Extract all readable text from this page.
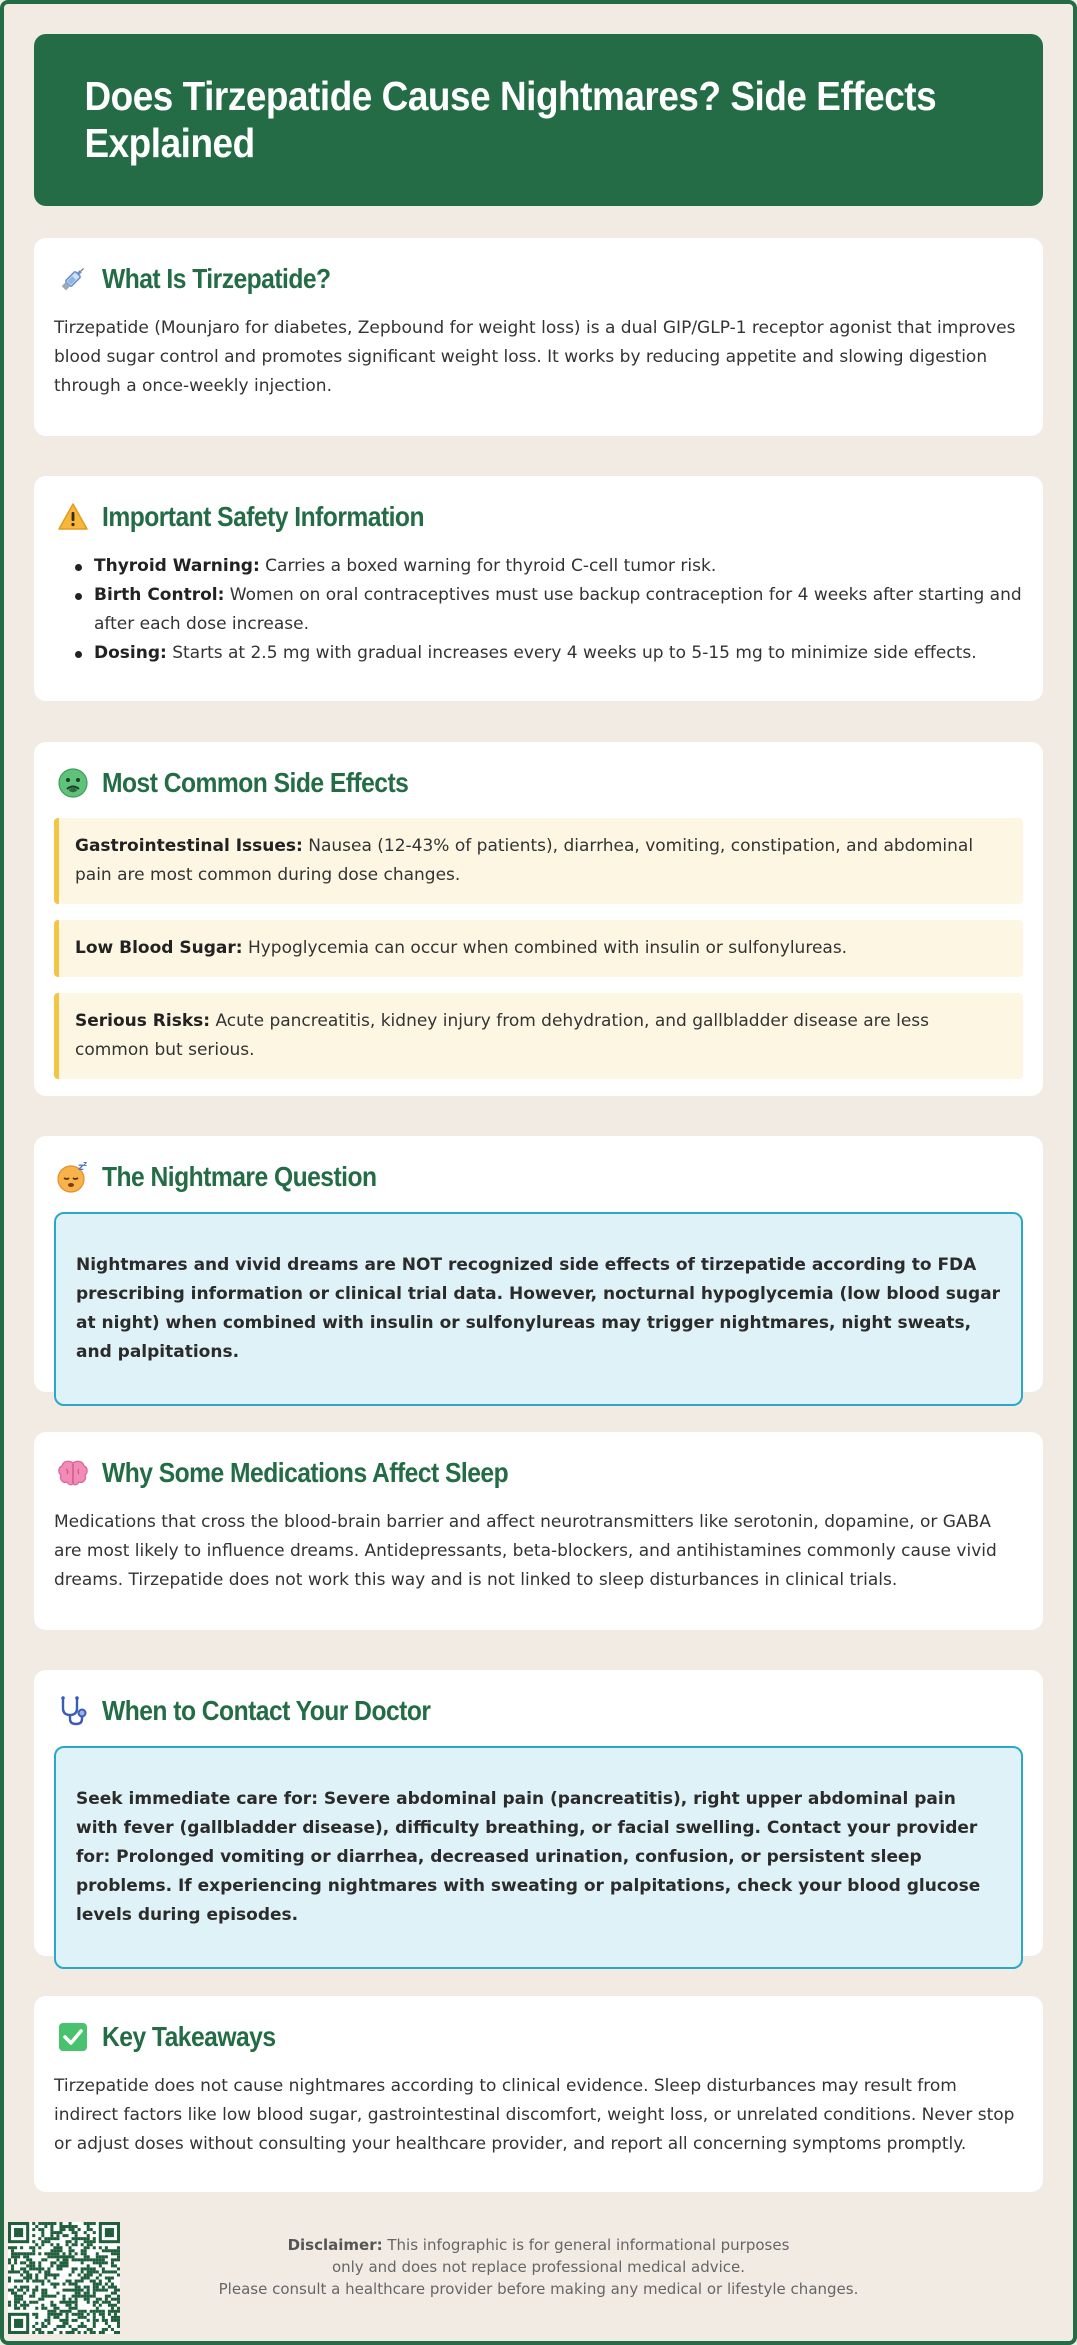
Does Tirzepatide Cause Nightmares? Side Effects Explained
What Is Tirzepatide?

Tirzepatide (Mounjaro for diabetes, Zepbound for weight loss) is a dual GIP/GLP-1 receptor agonist that improves blood sugar control and promotes significant weight loss. It works by reducing appetite and slowing digestion through a once-weekly injection.

Important Safety Information
Thyroid Warning: Carries a boxed warning for thyroid C-cell tumor risk.
Birth Control: Women on oral contraceptives must use backup contraception for 4 weeks after starting and after each dose increase.
Dosing: Starts at 2.5 mg with gradual increases every 4 weeks up to 5-15 mg to minimize side effects.
Most Common Side Effects
Gastrointestinal Issues: Nausea (12-43% of patients), diarrhea, vomiting, constipation, and abdominal pain are most common during dose changes.
Low Blood Sugar: Hypoglycemia can occur when combined with insulin or sulfonylureas.
Serious Risks: Acute pancreatitis, kidney injury from dehydration, and gallbladder disease are less common but serious.
z z The Nightmare Question
Nightmares and vivid dreams are NOT recognized side effects of tirzepatide according to FDA prescribing information or clinical trial data. However, nocturnal hypoglycemia (low blood sugar at night) when combined with insulin or sulfonylureas may trigger nightmares, night sweats, and palpitations.
Why Some Medications Affect Sleep

Medications that cross the blood-brain barrier and affect neurotransmitters like serotonin, dopamine, or GABA are most likely to influence dreams. Antidepressants, beta-blockers, and antihistamines commonly cause vivid dreams. Tirzepatide does not work this way and is not linked to sleep disturbances in clinical trials.

When to Contact Your Doctor
Seek immediate care for: Severe abdominal pain (pancreatitis), right upper abdominal pain with fever (gallbladder disease), difficulty breathing, or facial swelling. Contact your provider for: Prolonged vomiting or diarrhea, decreased urination, confusion, or persistent sleep problems. If experiencing nightmares with sweating or palpitations, check your blood glucose levels during episodes.
Key Takeaways

Tirzepatide does not cause nightmares according to clinical evidence. Sleep disturbances may result from indirect factors like low blood sugar, gastrointestinal discomfort, weight loss, or unrelated conditions. Never stop or adjust doses without consulting your healthcare provider, and report all concerning symptoms promptly.

Disclaimer: This infographic is for general informational purposes
only and does not replace professional medical advice.
Please consult a healthcare provider before making any medical or lifestyle changes.
